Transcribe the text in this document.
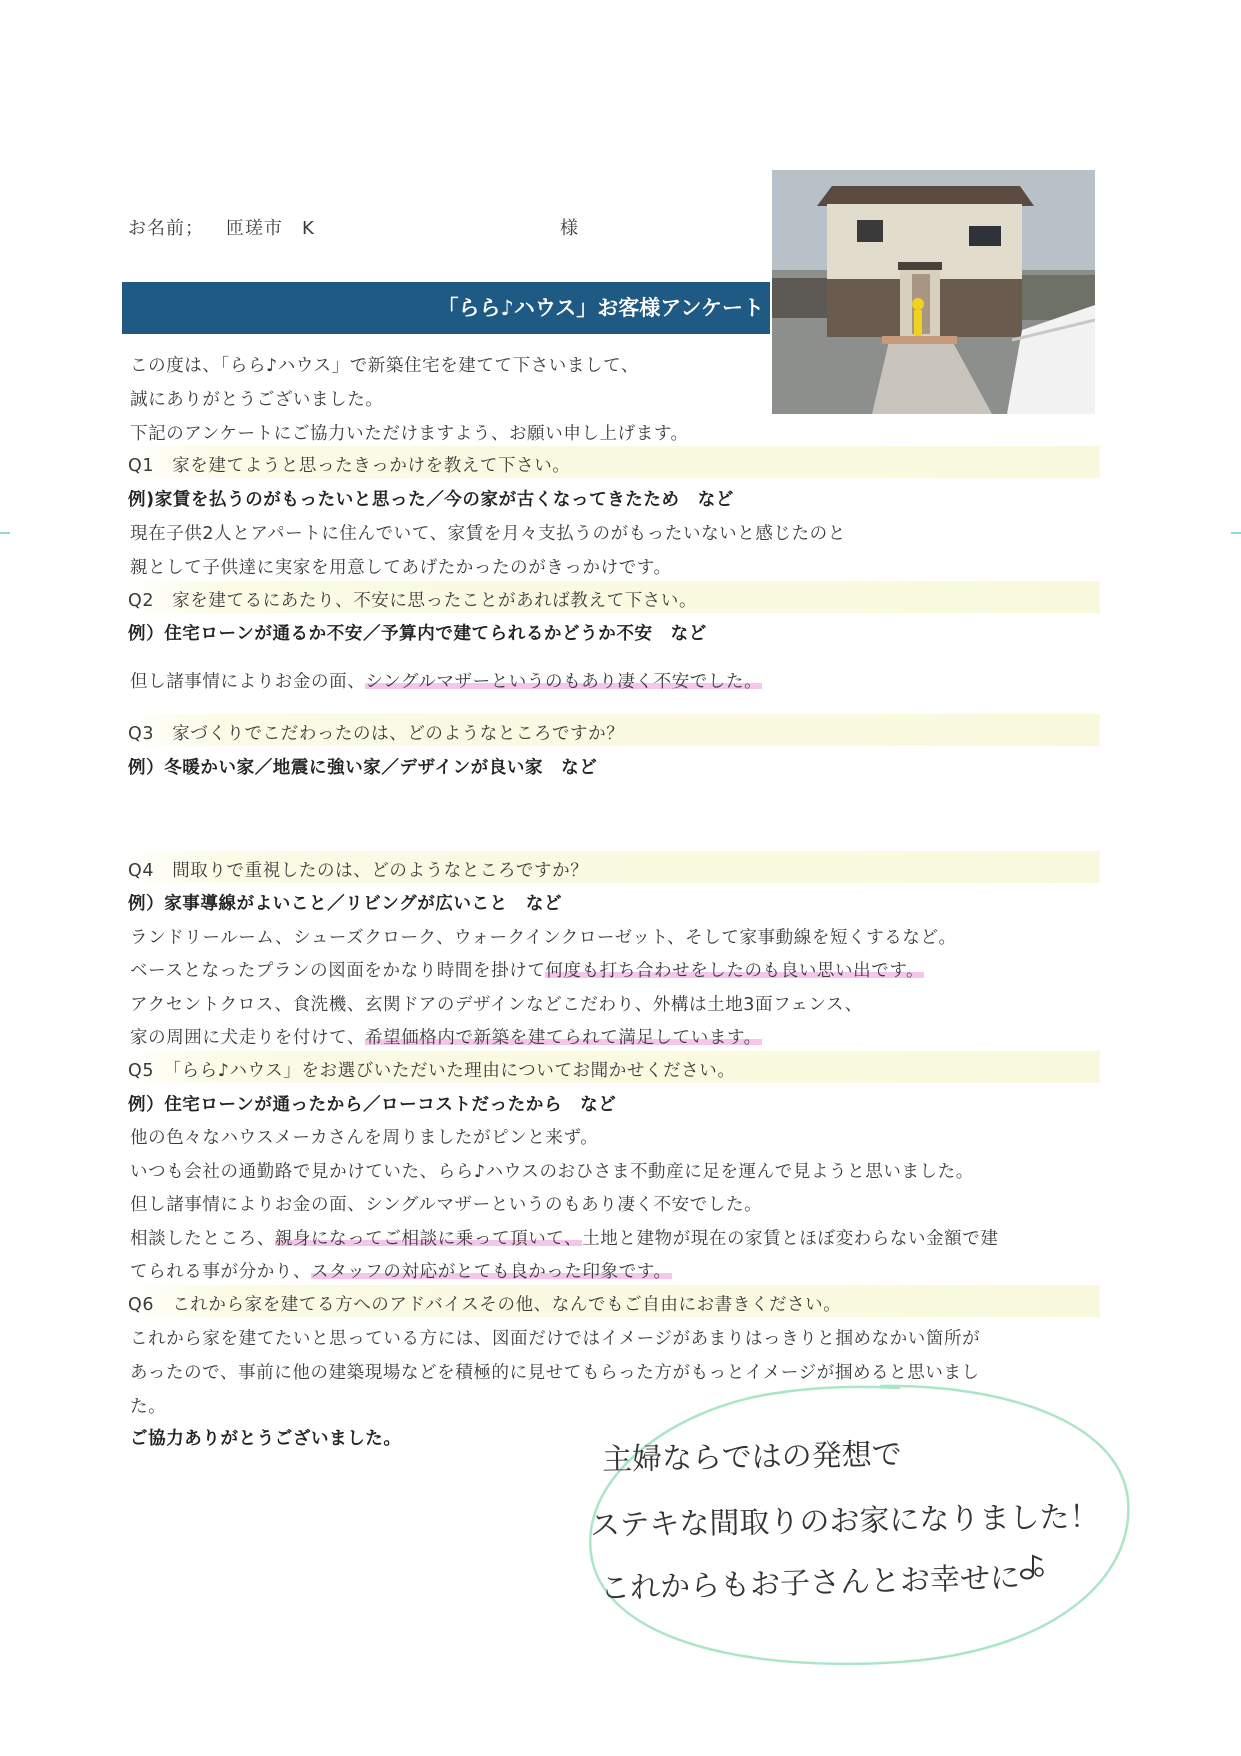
お名前； 匝瑳市　K	様
「らら♪ハウス」お客様アンケート
この度は、「らら♪ハウス」で新築住宅を建てて下さいまして、
誠にありがとうございました。
下記のアンケートにご協力いただけますよう、お願い申し上げます。
Q1　家を建てようと思ったきっかけを教えて下さい。
例)家賃を払うのがもったいと思った／今の家が古くなってきたため　など
現在子供2人とアパートに住んでいて、家賃を月々支払うのがもったいないと感じたのと
親として子供達に実家を用意してあげたかったのがきっかけです。
Q2　家を建てるにあたり、不安に思ったことがあれば教えて下さい。
例）住宅ローンが通るか不安／予算内で建てられるかどうか不安　など
但し諸事情によりお金の面、シングルマザーというのもあり凄く不安でした。
Q3　家づくりでこだわったのは、どのようなところですか？
例）冬暖かい家／地震に強い家／デザインが良い家　など
Q4　間取りで重視したのは、どのようなところですか？
例）家事導線がよいこと／リビングが広いこと　など
ランドリールーム、シューズクローク、ウォークインクローゼット、そして家事動線を短くするなど。
ベースとなったプランの図面をかなり時間を掛けて何度も打ち合わせをしたのも良い思い出です。
アクセントクロス、食洗機、玄関ドアのデザインなどこだわり、外構は土地3面フェンス、
家の周囲に犬走りを付けて、希望価格内で新築を建てられて満足しています。
Q5　「らら♪ハウス」をお選びいただいた理由についてお聞かせください。
例）住宅ローンが通ったから／ローコストだったから　など
他の色々なハウスメーカさんを周りましたがピンと来ず。
いつも会社の通勤路で見かけていた、らら♪ハウスのおひさま不動産に足を運んで見ようと思いました。
但し諸事情によりお金の面、シングルマザーというのもあり凄く不安でした。
相談したところ、親身になってご相談に乗って頂いて、土地と建物が現在の家賃とほぼ変わらない金額で建
てられる事が分かり、スタッフの対応がとても良かった印象です。
Q6　これから家を建てる方へのアドバイスその他、なんでもご自由にお書きください。
これから家を建てたいと思っている方には、図面だけではイメージがあまりはっきりと掴めなかい箇所が
あったので、事前に他の建築現場などを積極的に見せてもらった方がもっとイメージが掴めると思いまし
た。
ご協力ありがとうございました。	主婦ならではの発想で
ステキな間取りのお家になりました！
これからもお子さんとお幸せに
